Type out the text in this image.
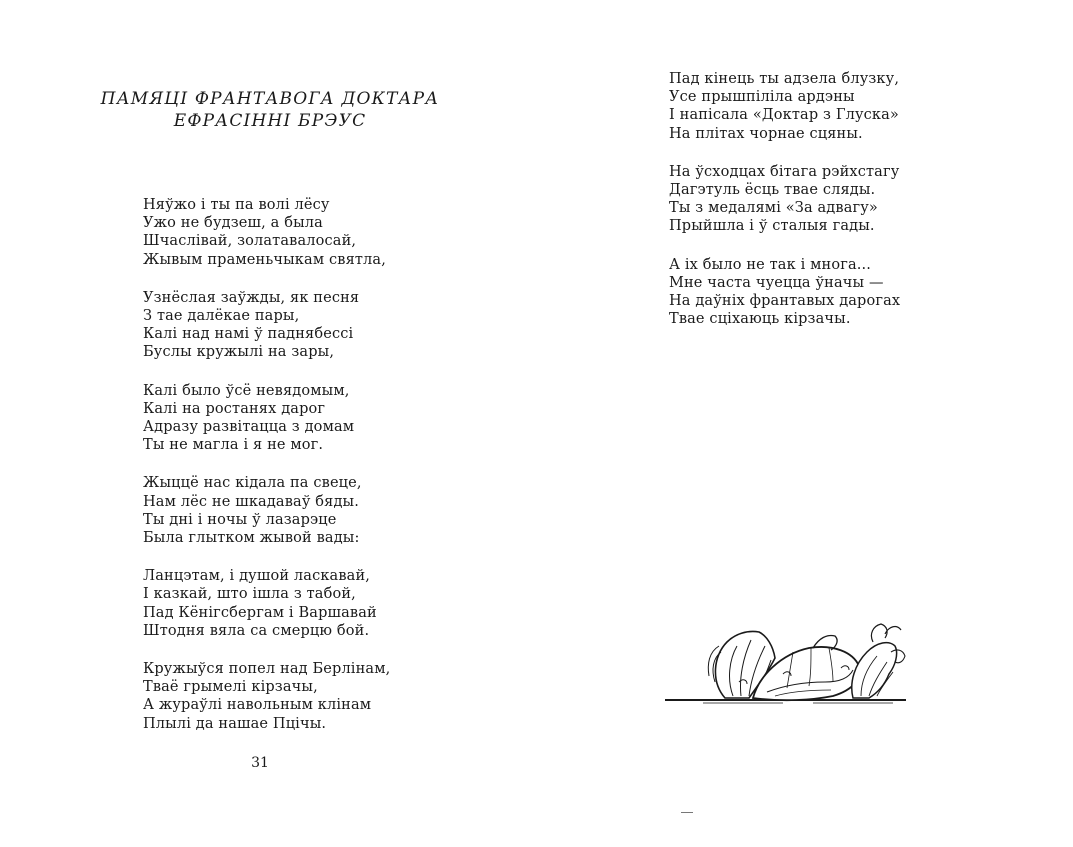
ПАМЯЦІ ФРАНТАВОГА ДОКТАРА
ЕФРАСІННІ БРЭУС
Няўжо і ты па волі лёсу
Ужо не будзеш, а была
Шчаслівай, золатавалосай,
Жывым праменьчыкам святла,
Узнёслая заўжды, як песня
З тае далёкае пары,
Калі над намі ў паднябессі
Буслы кружылі на зары,
Калі было ўсё невядомым,
Калі на ростанях дарог
Адразу развітацца з домам
Ты не магла і я не мог.
Жыццё нас кідала па свеце,
Нам лёс не шкадаваў бяды.
Ты дні і ночы ў лазарэце
Была глытком жывой вады:
Ланцэтам, і душой ласкавай,
І казкай, што ішла з табой,
Пад Кёнігсбергам і Варшавай
Штодня вяла са смерцю бой.
Кружыўся попел над Берлінам,
Тваё грымелі кірзачы,
А жураўлі навольным клінам
Плылі да нашае Пцічы.
31
Пад кінець ты адзела блузку,
Усе прышпіліла ардэны
І напісала «Доктар з Глуска»
На плітах чорнае сцяны.
На ўсходцах бітага рэйхстагу
Дагэтуль ёсць твае сляды.
Ты з медалямі «За адвагу»
Прыйшла і ў сталыя гады.
А іх было не так і многа...
Мне часта чуецца ўначы —
На даўніх франтавых дарогах
Твае сціхаюць кірзачы.
